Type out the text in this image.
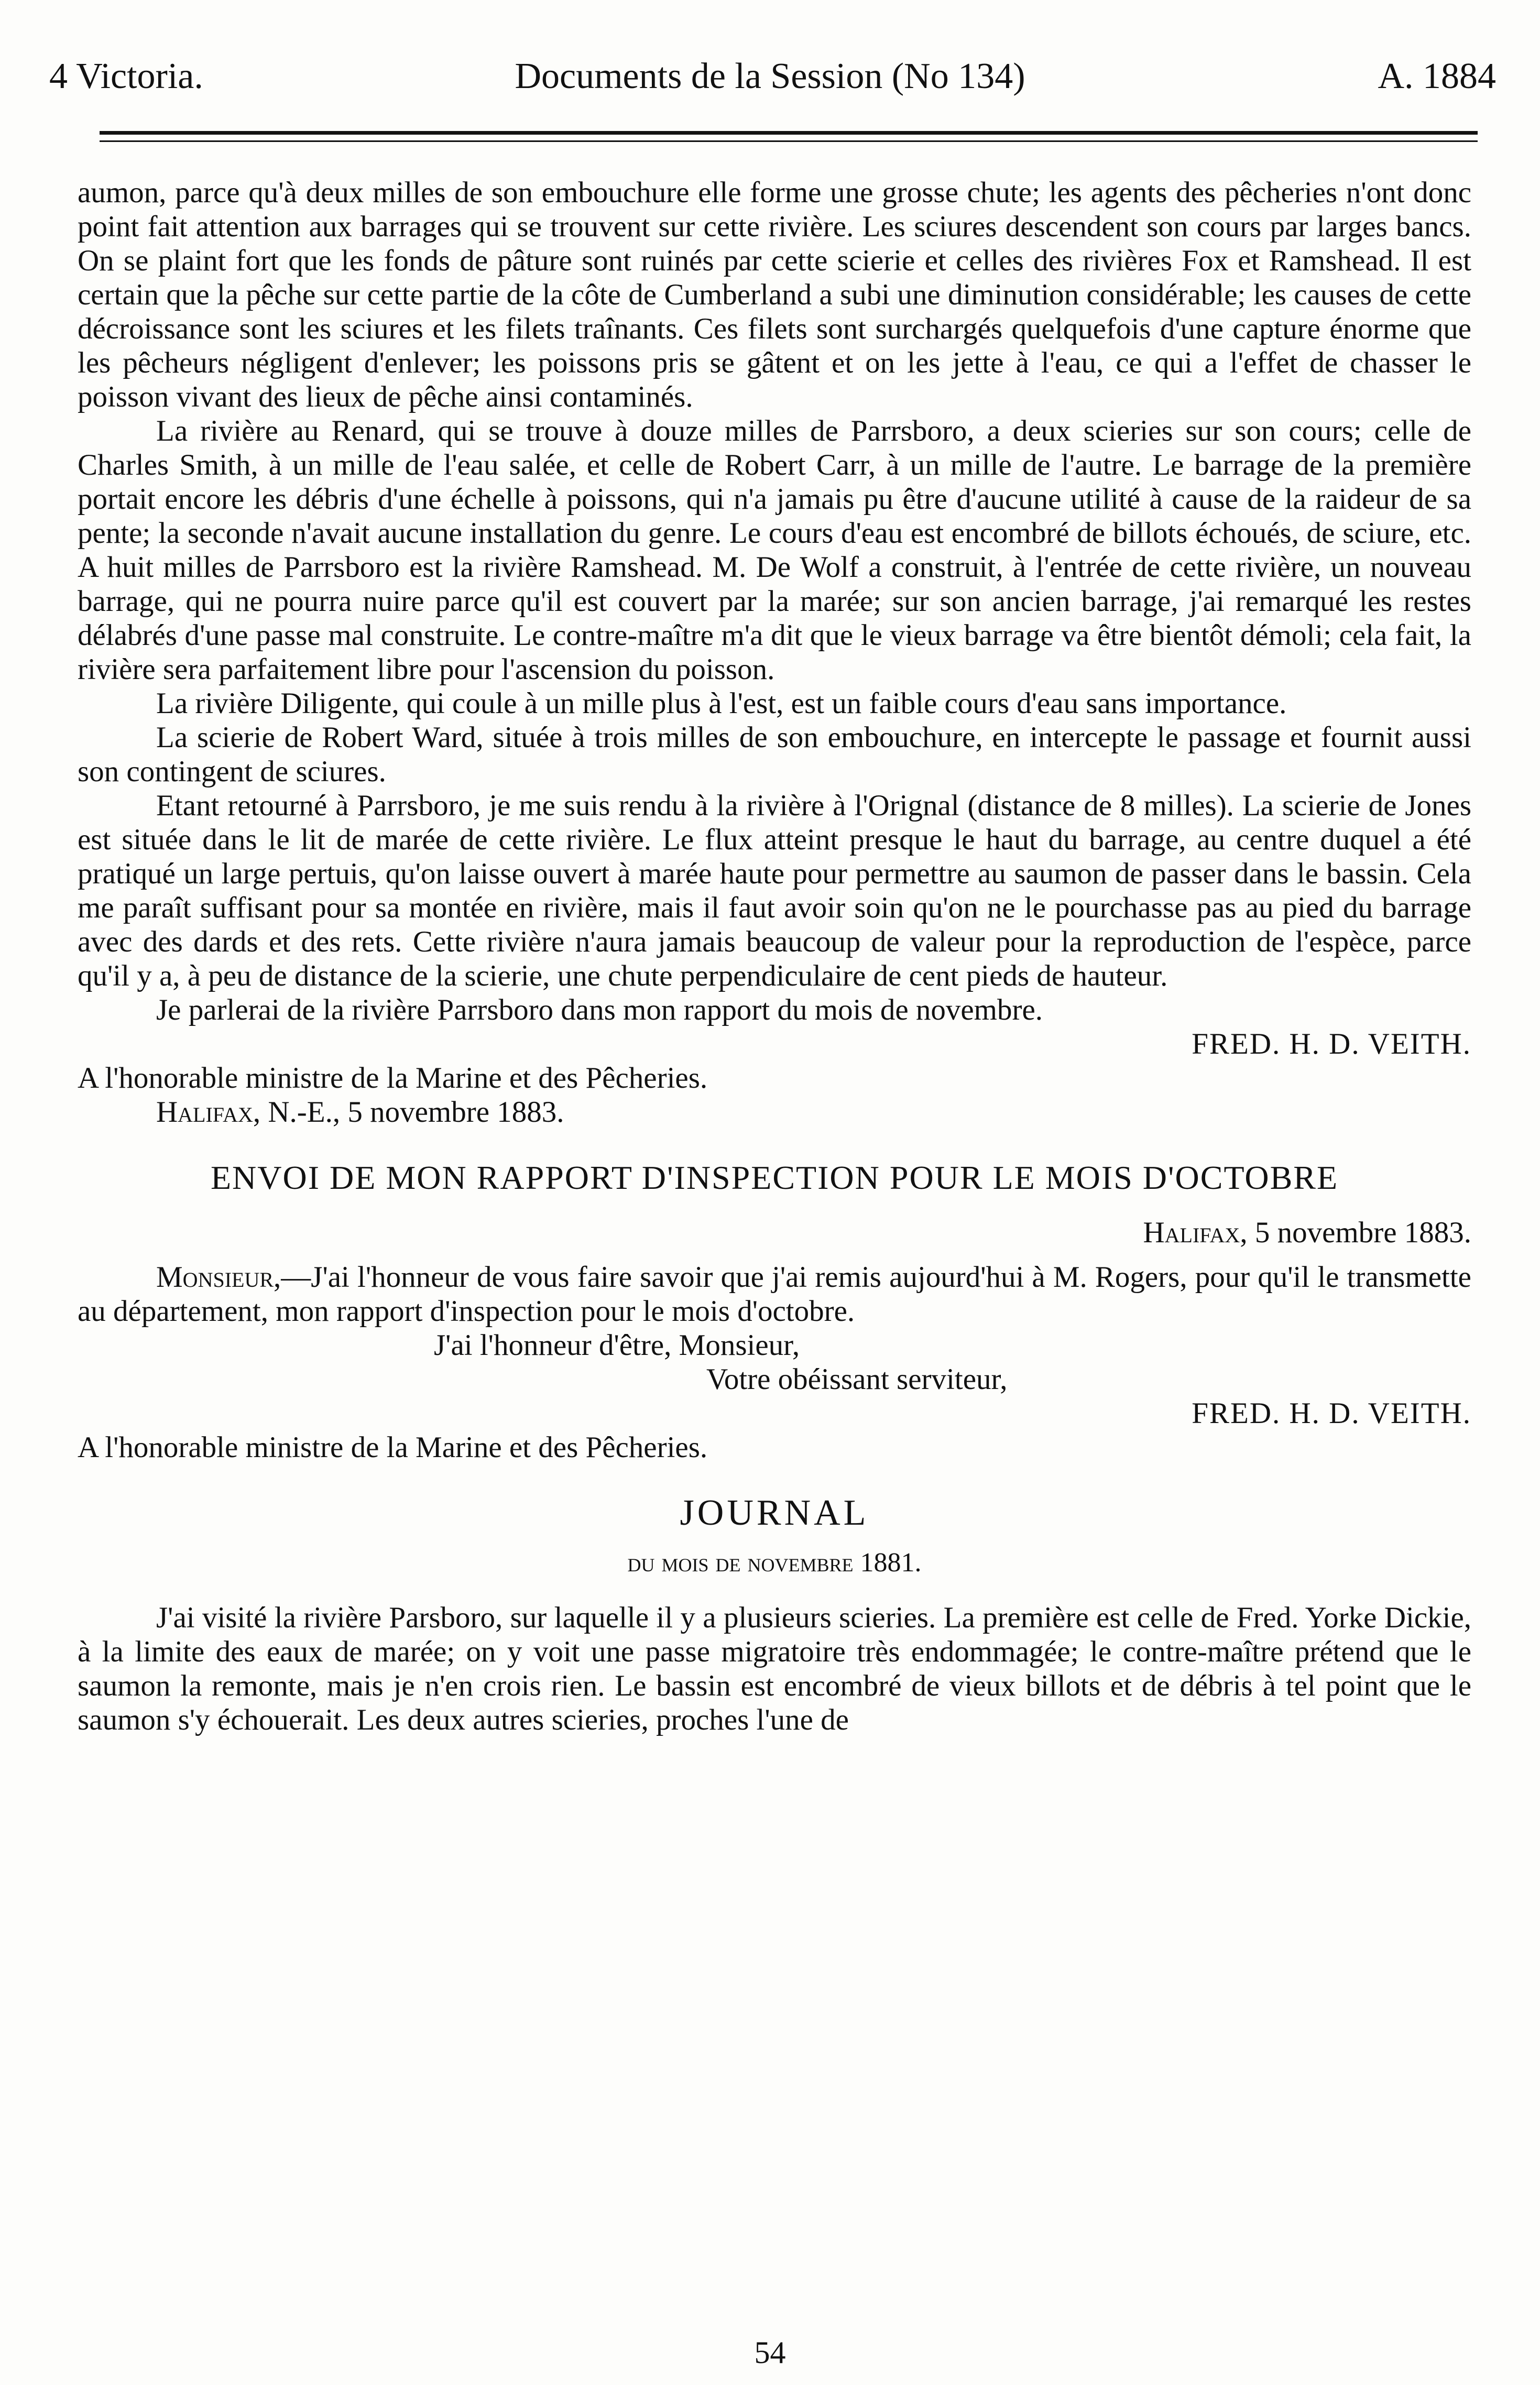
4 Victoria.	Documents de la Session (No 134)	A. 1884

aumon, parce qu'à deux milles de son embouchure elle forme une grosse chute; les agents des pêcheries n'ont donc point fait attention aux barrages qui se trouvent sur cette rivière. Les sciures descendent son cours par larges bancs. On se plaint fort que les fonds de pâture sont ruinés par cette scierie et celles des rivières Fox et Ramshead. Il est certain que la pêche sur cette partie de la côte de Cumberland a subi une diminution considérable; les causes de cette décroissance sont les sciures et les filets traînants. Ces filets sont surchargés quelquefois d'une capture énorme que les pêcheurs négligent d'enlever; les poissons pris se gâtent et on les jette à l'eau, ce qui a l'effet de chasser le poisson vivant des lieux de pêche ainsi contaminés.

La rivière au Renard, qui se trouve à douze milles de Parrsboro, a deux scieries sur son cours; celle de Charles Smith, à un mille de l'eau salée, et celle de Robert Carr, à un mille de l'autre. Le barrage de la première portait encore les débris d'une échelle à poissons, qui n'a jamais pu être d'aucune utilité à cause de la raideur de sa pente; la seconde n'avait aucune installation du genre. Le cours d'eau est encombré de billots échoués, de sciure, etc. A huit milles de Parrsboro est la rivière Ramshead. M. De Wolf a construit, à l'entrée de cette rivière, un nouveau barrage, qui ne pourra nuire parce qu'il est couvert par la marée; sur son ancien barrage, j'ai remarqué les restes délabrés d'une passe mal construite. Le contre-maître m'a dit que le vieux barrage va être bientôt démoli; cela fait, la rivière sera parfaitement libre pour l'ascension du poisson.

La rivière Diligente, qui coule à un mille plus à l'est, est un faible cours d'eau sans importance.

La scierie de Robert Ward, située à trois milles de son embouchure, en intercepte le passage et fournit aussi son contingent de sciures.

Etant retourné à Parrsboro, je me suis rendu à la rivière à l'Orignal (distance de 8 milles). La scierie de Jones est située dans le lit de marée de cette rivière. Le flux atteint presque le haut du barrage, au centre duquel a été pratiqué un large pertuis, qu'on laisse ouvert à marée haute pour permettre au saumon de passer dans le bassin. Cela me paraît suffisant pour sa montée en rivière, mais il faut avoir soin qu'on ne le pourchasse pas au pied du barrage avec des dards et des rets. Cette rivière n'aura jamais beaucoup de valeur pour la reproduction de l'espèce, parce qu'il y a, à peu de distance de la scierie, une chute perpendiculaire de cent pieds de hauteur.

Je parlerai de la rivière Parrsboro dans mon rapport du mois de novembre.

FRED. H. D. VEITH.

A l'honorable ministre de la Marine et des Pêcheries.

Halifax, N.-E., 5 novembre 1883.

ENVOI DE MON RAPPORT D'INSPECTION POUR LE MOIS D'OCTOBRE

Halifax, 5 novembre 1883.

Monsieur,—J'ai l'honneur de vous faire savoir que j'ai remis aujourd'hui à M. Rogers, pour qu'il le transmette au département, mon rapport d'inspection pour le mois d'octobre.

J'ai l'honneur d'être, Monsieur,

Votre obéissant serviteur,

FRED. H. D. VEITH.

A l'honorable ministre de la Marine et des Pêcheries.

JOURNAL

du mois de novembre 1881.

J'ai visité la rivière Parsboro, sur laquelle il y a plusieurs scieries. La première est celle de Fred. Yorke Dickie, à la limite des eaux de marée; on y voit une passe migratoire très endommagée; le contre-maître prétend que le saumon la remonte, mais je n'en crois rien. Le bassin est encombré de vieux billots et de débris à tel point que le saumon s'y échouerait. Les deux autres scieries, proches l'une de

54
